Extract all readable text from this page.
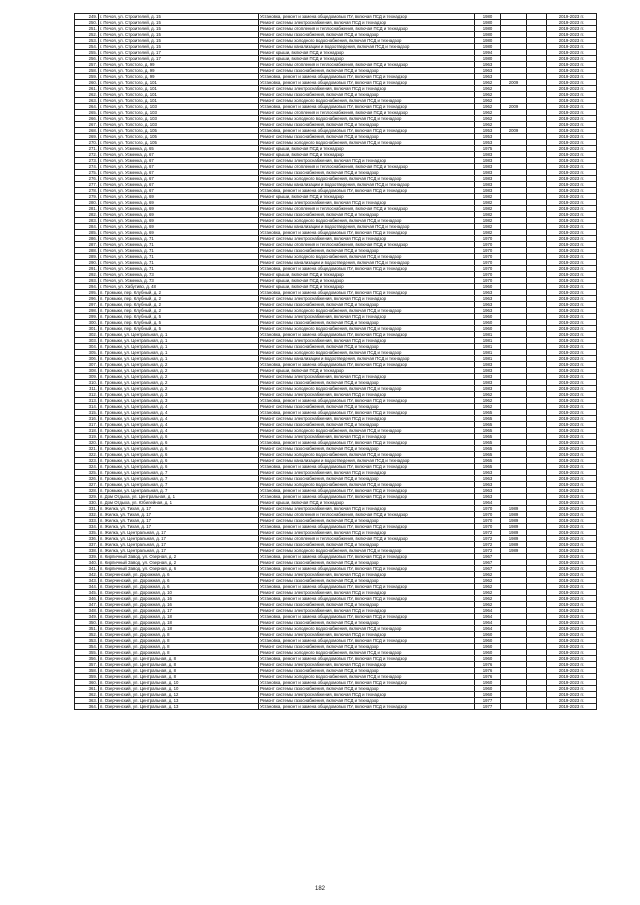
249.	г. Печоя, ул. Строителей, д. 15	Установка, ремонт и замена общедомовых ПУ, включая ПСД и технадзор	1980			2019-2023 гг.
250.	г. Печоя, ул. Строителей, д. 15	Ремонт системы электроснабжения, включая ПСД и технадзор	1980			2019-2023 гг.
251.	г. Печоя, ул. Строителей, д. 15	Ремонт системы отопления и теплоснабжения, включая ПСД и технадзор	1980			2019-2023 гг.
252.	г. Печоя, ул. Строителей, д. 15	Ремонт системы газоснабжения, включая ПСД и технадзор	1980			2019-2023 гг.
253.	г. Печоя, ул. Строителей, д. 15	Ремонт системы холодного водоснабжения, включая ПСД и технадзор	1980			2019-2023 гг.
254.	г. Печоя, ул. Строителей, д. 15	Ремонт системы канализации и водоотведения, включая ПСД и технадзор	1980			2019-2023 гг.
255.	г. Печоя, ул. Строителей, д. 17	Ремонт крыши, включая ПСД и технадзор	1994			2019-2023 гг.
256.	г. Печоя, ул. Строителей, д. 17	Ремонт крыши, включая ПСД и технадзор	1980			2019-2023 гг.
257.	г. Печоя, ул. Толстого, д. 99	Ремонт системы отопления и теплоснабжения, включая ПСД и технадзор	1963			2019-2023 гг.
258.	г. Печоя, ул. Толстого, д. 99	Ремонт системы газоснабжения, включая ПСД и технадзор	1963			2019-2023 гг.
259.	г. Печоя, ул. Толстого, д. 99	Установка, ремонт и замена общедомовых ПУ, включая ПСД и технадзор	1963			2019-2023 гг.
260.	г. Печоя, ул. Толстого, д. 101	Установка, ремонт и замена общедомовых ПУ, включая ПСД и технадзор	1962	2009		2019-2023 гг.
261.	г. Печоя, ул. Толстого, д. 101	Ремонт системы электроснабжения, включая ПСД и технадзор	1962			2019-2023 гг.
262.	г. Печоя, ул. Толстого, д. 101	Ремонт системы газоснабжения, включая ПСД и технадзор	1962			2019-2023 гг.
263.	г. Печоя, ул. Толстого, д. 101	Ремонт системы холодного водоснабжения, включая ПСД и технадзор	1962			2019-2023 гг.
264.	г. Печоя, ул. Толстого, д. 103	Установка, ремонт и замена общедомовых ПУ, включая ПСД и технадзор	1962	2009		2019-2023 гг.
265.	г. Печоя, ул. Толстого, д. 103	Ремонт системы отопления и теплоснабжения, включая ПСД и технадзор	1962			2019-2023 гг.
266.	г. Печоя, ул. Толстого, д. 103	Ремонт системы холодного водоснабжения, включая ПСД и технадзор	1962			2019-2023 гг.
267.	г. Печоя, ул. Толстого, д. 103	Ремонт системы газоснабжения, включая ПСД и технадзор	1962			2019-2023 гг.
268.	г. Печоя, ул. Толстого, д. 105	Установка, ремонт и замена общедомовых ПУ, включая ПСД и технадзор	1953	2009		2019-2023 гг.
269.	г. Печоя, ул. Толстого, д. 105	Ремонт системы газоснабжения, включая ПСД и технадзор	1953			2019-2023 гг.
270.	г. Печоя, ул. Толстого, д. 105	Ремонт системы холодного водоснабжения, включая ПСД и технадзор	1953			2019-2023 гг.
271.	г. Печоя, ул. Усменка, д. 65	Ремонт крыши, включая ПСД и технадзор	1975			2019-2023 гг.
272.	г. Печоя, ул. Усменка, д. 67	Ремонт крыши, включая ПСД и технадзор	1983			2019-2023 гг.
273.	г. Печоя, ул. Усменка, д. 67	Ремонт системы электроснабжения, включая ПСД и технадзор	1983			2019-2023 гг.
274.	г. Печоя, ул. Усменка, д. 67	Ремонт системы отопления и теплоснабжения, включая ПСД и технадзор	1983			2019-2023 гг.
275.	г. Печоя, ул. Усменка, д. 67	Ремонт системы газоснабжения, включая ПСД и технадзор	1983			2019-2023 гг.
276.	г. Печоя, ул. Усменка, д. 67	Ремонт системы холодного водоснабжения, включая ПСД и технадзор	1983			2019-2023 гг.
277.	г. Печоя, ул. Усменка, д. 67	Ремонт системы канализации и водоотведения, включая ПСД и технадзор	1983			2019-2023 гг.
278.	г. Печоя, ул. Усменка, д. 67	Установка, ремонт и замена общедомовых ПУ, включая ПСД и технадзор	1983			2019-2023 гг.
279.	г. Печоя, ул. Усменка, д. 69	Ремонт крыши, включая ПСД и технадзор	1982			2019-2023 гг.
280.	г. Печоя, ул. Усменка, д. 69	Ремонт системы электроснабжения, включая ПСД и технадзор	1982			2019-2023 гг.
281.	г. Печоя, ул. Усменка, д. 69	Ремонт системы отопления и теплоснабжения, включая ПСД и технадзор	1982			2019-2023 гг.
282.	г. Печоя, ул. Усменка, д. 69	Ремонт системы газоснабжения, включая ПСД и технадзор	1982			2019-2023 гг.
283.	г. Печоя, ул. Усменка, д. 69	Ремонт системы холодного водоснабжения, включая ПСД и технадзор	1982			2019-2023 гг.
284.	г. Печоя, ул. Усменка, д. 69	Ремонт системы канализации и водоотведения, включая ПСД и технадзор	1982			2019-2023 гг.
285.	г. Печоя, ул. Усменка, д. 69	Установка, ремонт и замена общедомовых ПУ, включая ПСД и технадзор	1982			2019-2023 гг.
286.	г. Печоя, ул. Усменка, д. 71	Ремонт системы электроснабжения, включая ПСД и технадзор	1970			2019-2023 гг.
287.	г. Печоя, ул. Усменка, д. 71	Ремонт системы отопления и теплоснабжения, включая ПСД и технадзор	1970			2019-2023 гг.
288.	г. Печоя, ул. Усменка, д. 71	Ремонт системы газоснабжения, включая ПСД и технадзор	1970			2019-2023 гг.
289.	г. Печоя, ул. Усменка, д. 71	Ремонт системы холодного водоснабжения, включая ПСД и технадзор	1970			2019-2023 гг.
290.	г. Печоя, ул. Усменка, д. 71	Ремонт системы канализации и водоотведения, включая ПСД и технадзор	1970			2019-2023 гг.
291.	г. Печоя, ул. Усменка, д. 71	Установка, ремонт и замена общедомовых ПУ, включая ПСД и технадзор	1970			2019-2023 гг.
292.	г. Печоя, ул. Усменка, д. 73	Ремонт крыши, включая ПСД и технадзор	1970			2019-2023 гг.
293.	г. Печоя, ул. Усменка, д. 73	Ремонт крыши, включая ПСД и технадзор	1970			2019-2023 гг.
294.	г. Печоя, ул. Хабутиво, д. 48	Ремонт крыши, включая ПСД и технадзор	1960			2019-2023 гг.
295.	п. Громыки, пер. Клубный, д. 2	Установка, ремонт и замена общедомовых ПУ, включая ПСД и технадзор	1963			2019-2023 гг.
296.	п. Громыки, пер. Клубный, д. 2	Ремонт системы электроснабжения, включая ПСД и технадзор	1963			2019-2023 гг.
297.	п. Громыки, пер. Клубный, д. 2	Ремонт системы газоснабжения, включая ПСД и технадзор	1963			2019-2023 гг.
298.	п. Громыки, пер. Клубный, д. 2	Ремонт системы холодного водоснабжения, включая ПСД и технадзор	1963			2019-2023 гг.
299.	п. Громыки, пер. Клубный, д. 5	Ремонт системы электроснабжения, включая ПСД и технадзор	1960			2019-2023 гг.
300.	п. Громыки, пер. Клубный, д. 5	Ремонт системы газоснабжения, включая ПСД и технадзор	1960			2019-2023 гг.
301.	п. Громыки, пер. Клубный, д. 5	Ремонт системы холодного водоснабжения, включая ПСД и технадзор	1960			2019-2023 гг.
302.	п. Громыки, ул. Центральная, д. 1	Установка, ремонт и замена общедомовых ПУ, включая ПСД и технадзор	1981			2019-2023 гг.
303.	п. Громыки, ул. Центральная, д. 1	Ремонт системы электроснабжения, включая ПСД и технадзор	1981			2019-2023 гг.
304.	п. Громыки, ул. Центральная, д. 1	Ремонт системы газоснабжения, включая ПСД и технадзор	1981			2019-2023 гг.
305.	п. Громыки, ул. Центральная, д. 1	Ремонт системы холодного водоснабжения, включая ПСД и технадзор	1981			2019-2023 гг.
306.	п. Громыки, ул. Центральная, д. 1	Ремонт системы канализации и водоотведения, включая ПСД и технадзор	1981			2019-2023 гг.
307.	п. Громыки, ул. Центральная, д. 2	Установка, ремонт и замена общедомовых ПУ, включая ПСД и технадзор	1983			2019-2023 гг.
308.	п. Громыки, ул. Центральная, д. 2	Ремонт крыши, включая ПСД и технадзор	1983			2019-2023 гг.
309.	п. Громыки, ул. Центральная, д. 2	Ремонт системы электроснабжения, включая ПСД и технадзор	1983			2019-2023 гг.
310.	п. Громыки, ул. Центральная, д. 2	Ремонт системы газоснабжения, включая ПСД и технадзор	1983			2019-2023 гг.
311.	п. Громыки, ул. Центральная, д. 2	Ремонт системы холодного водоснабжения, включая ПСД и технадзор	1983			2019-2023 гг.
312.	п. Громыки, ул. Центральная, д. 3	Ремонт системы электроснабжения, включая ПСД и технадзор	1962			2019-2023 гг.
313.	п. Громыки, ул. Центральная, д. 3	Установка, ремонт и замена общедомовых ПУ, включая ПСД и технадзор	1962			2019-2023 гг.
314.	п. Громыки, ул. Центральная, д. 4	Ремонт системы газоснабжения, включая ПСД и технадзор	1962			2019-2023 гг.
315.	п. Громыки, ул. Центральная, д. 4	Установка, ремонт и замена общедомовых ПУ, включая ПСД и технадзор	1965			2019-2023 гг.
316.	п. Громыки, ул. Центральная, д. 4	Ремонт системы электроснабжения, включая ПСД и технадзор	1965			2019-2023 гг.
317.	п. Громыки, ул. Центральная, д. 4	Ремонт системы газоснабжения, включая ПСД и технадзор	1965			2019-2023 гг.
318.	п. Громыки, ул. Центральная, д. 4	Ремонт системы холодного водоснабжения, включая ПСД и технадзор	1965			2019-2023 гг.
319.	п. Громыки, ул. Центральная, д. 6	Ремонт системы электроснабжения, включая ПСД и технадзор	1965			2019-2023 гг.
320.	п. Громыки, ул. Центральная, д. 6	Установка, ремонт и замена общедомовых ПУ, включая ПСД и технадзор	1965			2019-2023 гг.
321.	п. Громыки, ул. Центральная, д. 6	Ремонт системы газоснабжения, включая ПСД и технадзор	1965			2019-2023 гг.
322.	п. Громыки, ул. Центральная, д. 6	Ремонт системы холодного водоснабжения, включая ПСД и технадзор	1965			2019-2023 гг.
323.	п. Громыки, ул. Центральная, д. 6	Ремонт системы канализации и водоотведения, включая ПСД и технадзор	1965			2019-2023 гг.
324.	п. Громыки, ул. Центральная, д. 6	Установка, ремонт и замена общедомовых ПУ, включая ПСД и технадзор	1965			2019-2023 гг.
325.	п. Громыки, ул. Центральная, д. 7	Ремонт системы электроснабжения, включая ПСД и технадзор	1963			2019-2023 гг.
326.	п. Громыки, ул. Центральная, д. 7	Ремонт системы газоснабжения, включая ПСД и технадзор	1963			2019-2023 гг.
327.	п. Громыки, ул. Центральная, д. 7	Ремонт системы холодного водоснабжения, включая ПСД и технадзор	1963			2019-2023 гг.
328.	п. Громыки, ул. Центральная, д. 7	Установка, ремонт и замена общедомовых ПУ, включая ПСД и технадзор	1963			2019-2023 гг.
329.	п. Дом Отдыха, ул. Центральная, д. 1	Установка, ремонт и замена общедомовых ПУ, включая ПСД и технадзор	1963			2019-2023 гг.
330.	п. Дом Отдыха, ул. Юбилейная, д. 1	Ремонт крыши, включая ПСД и технадзор	1964			2019-2023 гг.
331.	п. Жилка, ул. Тихая, д. 17	Ремонт системы электроснабжения, включая ПСД и технадзор	1970	1989		2019-2023 гг.
332.	п. Жилка, ул. Тихая, д. 17	Ремонт системы отопления и теплоснабжения, включая ПСД и технадзор	1970	1989		2019-2023 гг.
333.	п. Жилка, ул. Тихая, д. 17	Ремонт системы газоснабжения, включая ПСД и технадзор	1970	1989		2019-2023 гг.
334.	п. Жилка, ул. Тихая, д. 17	Установка, ремонт и замена общедомовых ПУ, включая ПСД и технадзор	1970	1989		2019-2023 гг.
335.	п. Жилка, ул. Центральная, д. 17	Ремонт системы электроснабжения, включая ПСД и технадзор	1972	1989		2019-2023 гг.
336.	п. Жилка, ул. Центральная, д. 17	Ремонт системы отопления и теплоснабжения, включая ПСД и технадзор	1972	1989		2019-2023 гг.
337.	п. Жилка, ул. Центральная, д. 17	Ремонт системы газоснабжения, включая ПСД и технадзор	1972	1989		2019-2023 гг.
338.	п. Жилка, ул. Центральная, д. 17	Ремонт системы холодного водоснабжения, включая ПСД и технадзор	1972	1989		2019-2023 гг.
339.	п. Кирпичный Завод, ул. Озерная, д. 2	Установка, ремонт и замена общедомовых ПУ, включая ПСД и технадзор	1967			2019-2023 гг.
340.	п. Кирпичный Завод, ул. Озерная, д. 2	Ремонт системы газоснабжения, включая ПСД и технадзор	1967			2019-2023 гг.
341.	п. Кирпичный Завод, ул. Озерная, д. 6	Установка, ремонт и замена общедомовых ПУ, включая ПСД и технадзор	1967			2019-2023 гг.
342.	п. Озерченский, ул. Дорожная, д. 6	Ремонт системы электроснабжения, включая ПСД и технадзор	1962			2019-2023 гг.
343.	п. Озерченский, ул. Дорожная, д. 6	Ремонт системы газоснабжения, включая ПСД и технадзор	1962			2019-2023 гг.
344.	п. Озерченский, ул. Дорожная, д. 6	Установка, ремонт и замена общедомовых ПУ, включая ПСД и технадзор	1962			2019-2023 гг.
345.	п. Озерченский, ул. Дорожная, д. 10	Ремонт системы электроснабжения, включая ПСД и технадзор	1962			2019-2023 гг.
346.	п. Озерченский, ул. Дорожная, д. 16	Установка, ремонт и замена общедомовых ПУ, включая ПСД и технадзор	1962			2019-2023 гг.
347.	п. Озерченский, ул. Дорожная, д. 16	Ремонт системы газоснабжения, включая ПСД и технадзор	1962			2019-2023 гг.
348.	п. Озерченский, ул. Дорожная, д. 17	Ремонт системы электроснабжения, включая ПСД и технадзор	1964			2019-2023 гг.
349.	п. Озерченский, ул. Дорожная, д. 18	Установка, ремонт и замена общедомовых ПУ, включая ПСД и технадзор	1964			2019-2023 гг.
350.	п. Озерченский, ул. Дорожная, д. 18	Ремонт системы газоснабжения, включая ПСД и технадзор	1964			2019-2023 гг.
351.	п. Озерченский, ул. Дорожная, д. 18	Ремонт системы холодного водоснабжения, включая ПСД и технадзор	1964			2019-2023 гг.
352.	п. Озерченский, ул. Дорожная, д. 8	Ремонт системы электроснабжения, включая ПСД и технадзор	1960			2019-2023 гг.
353.	п. Озерченский, ул. Дорожная, д. 8	Установка, ремонт и замена общедомовых ПУ, включая ПСД и технадзор	1960			2019-2023 гг.
354.	п. Озерченский, ул. Дорожная, д. 8	Ремонт системы газоснабжения, включая ПСД и технадзор	1960			2019-2023 гг.
355.	п. Озерченский, ул. Дорожная, д. 8	Ремонт системы холодного водоснабжения, включая ПСД и технадзор	1960			2019-2023 гг.
356.	п. Озерченский, ул. Центральная, д. 8	Установка, ремонт и замена общедомовых ПУ, включая ПСД и технадзор	1960			2019-2023 гг.
357.	п. Озерченский, ул. Центральная, д. 8	Ремонт системы электроснабжения, включая ПСД и технадзор	1976			2019-2023 гг.
358.	п. Озерченский, ул. Центральная, д. 8	Ремонт системы газоснабжения, включая ПСД и технадзор	1976			2019-2023 гг.
359.	п. Озерченский, ул. Центральная, д. 8	Ремонт системы холодного водоснабжения, включая ПСД и технадзор	1976			2019-2023 гг.
360.	п. Озерченский, ул. Центральная, д. 10	Установка, ремонт и замена общедомовых ПУ, включая ПСД и технадзор	1960			2019-2023 гг.
361.	п. Озерченский, ул. Центральная, д. 10	Ремонт системы газоснабжения, включая ПСД и технадзор	1960			2019-2023 гг.
362.	п. Озерченский, ул. Центральная, д. 12	Ремонт системы электроснабжения, включая ПСД и технадзор	1960			2019-2023 гг.
363.	п. Озерченский, ул. Центральная, д. 13	Ремонт системы газоснабжения, включая ПСД и технадзор	1977			2019-2023 гг.
364.	п. Озерченский, ул. Центральная, д. 13	Установка, ремонт и замена общедомовых ПУ, включая ПСД и технадзор	1977			2019-2023 гг.
182
